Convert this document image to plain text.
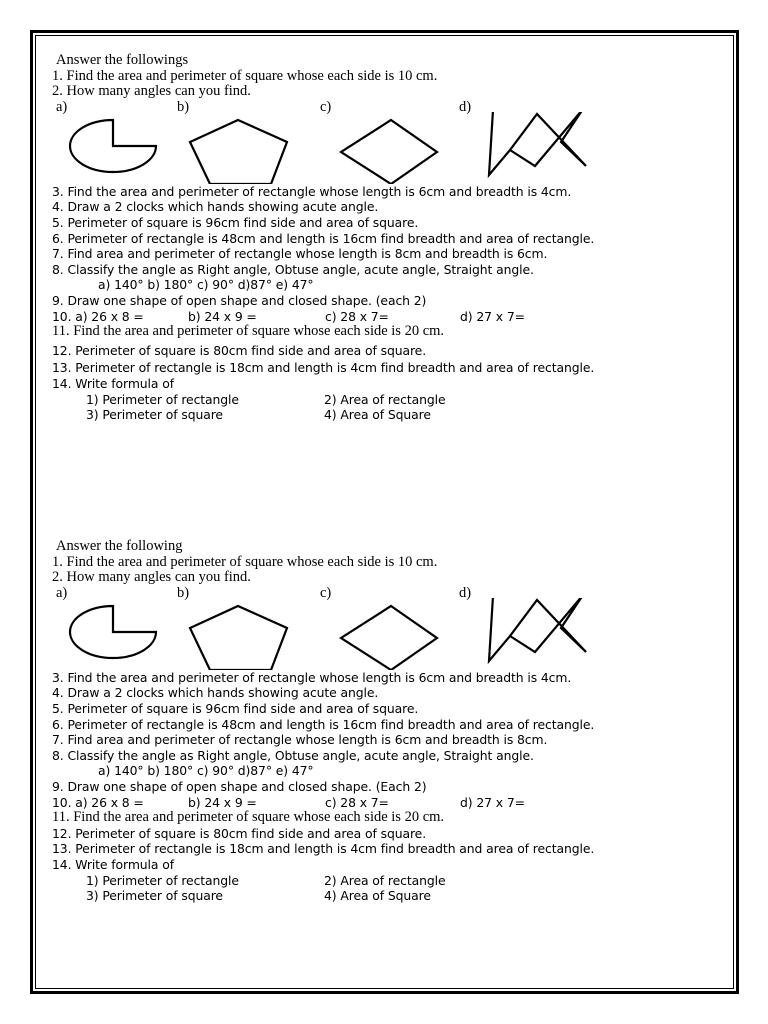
Answer the followings
1. Find the area and perimeter of square whose each side is 10 cm.
2. How many angles can you find.
a)	b)	c)	d)
3. Find the area and perimeter of rectangle whose length is 6cm and breadth is 4cm.
4. Draw a 2 clocks which hands showing acute angle.
5. Perimeter of square is 96cm find side and area of square.
6. Perimeter of rectangle is 48cm and length is 16cm find breadth and area of rectangle.
7. Find area and perimeter of rectangle whose length is 8cm and breadth is 6cm.
8. Classify the angle as Right angle, Obtuse angle, acute angle, Straight angle.
a) 140° b) 180° c) 90° d)87° e) 47°
9. Draw one shape of open shape and closed shape. (each 2)
10. a) 26 x 8 =	b) 24 x 9 =	c) 28 x 7=	d) 27 x 7=
11. Find the area and perimeter of square whose each side is 20 cm.
12. Perimeter of square is 80cm find side and area of square.
13. Perimeter of rectangle is 18cm and length is 4cm find breadth and area of rectangle.
14. Write formula of
1) Perimeter of rectangle	2) Area of rectangle
3) Perimeter of square	4) Area of Square
Answer the following
1. Find the area and perimeter of square whose each side is 10 cm.
2. How many angles can you find.
a)	b)	c)	d)
3. Find the area and perimeter of rectangle whose length is 6cm and breadth is 4cm.
4. Draw a 2 clocks which hands showing acute angle.
5. Perimeter of square is 96cm find side and area of square.
6. Perimeter of rectangle is 48cm and length is 16cm find breadth and area of rectangle.
7. Find area and perimeter of rectangle whose length is 6cm and breadth is 8cm.
8. Classify the angle as Right angle, Obtuse angle, acute angle, Straight angle.
a) 140° b) 180° c) 90° d)87° e) 47°
9. Draw one shape of open shape and closed shape. (Each 2)
10. a) 26 x 8 =	b) 24 x 9 =	c) 28 x 7=	d) 27 x 7=
11. Find the area and perimeter of square whose each side is 20 cm.
12. Perimeter of square is 80cm find side and area of square.
13. Perimeter of rectangle is 18cm and length is 4cm find breadth and area of rectangle.
14. Write formula of
1) Perimeter of rectangle	2) Area of rectangle
3) Perimeter of square	4) Area of Square
